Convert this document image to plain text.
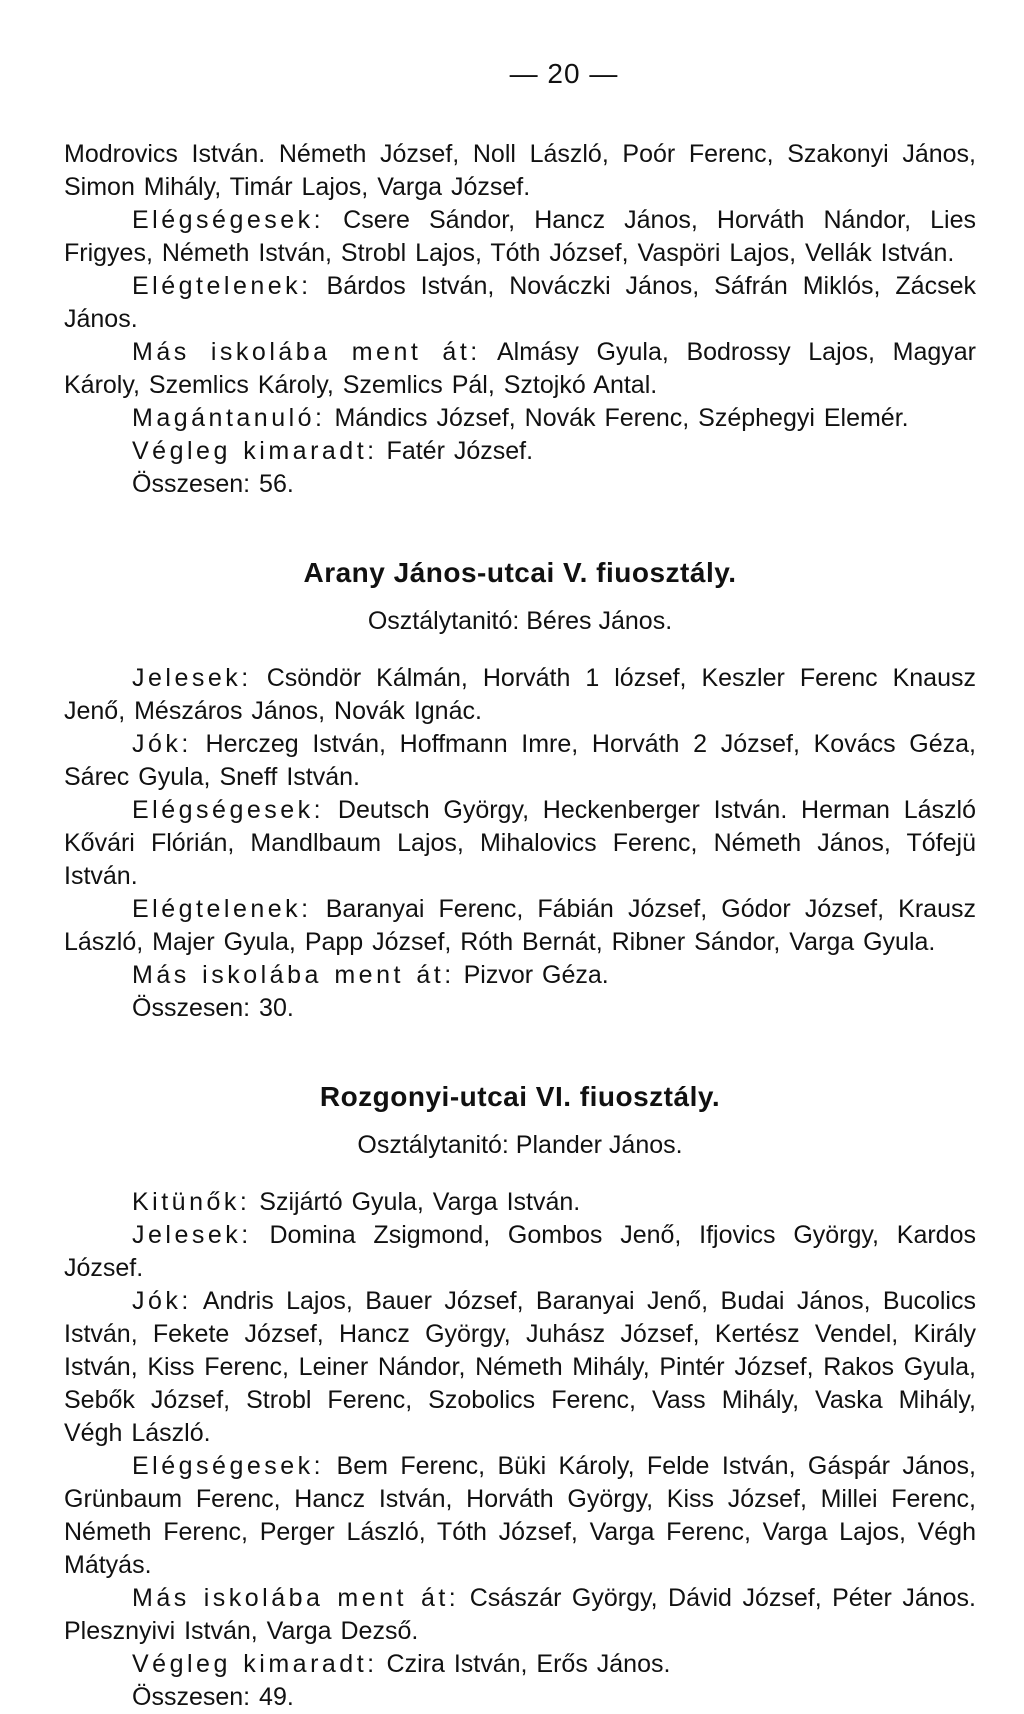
— 20 —

Modrovics István. Németh József, Noll László, Poór Ferenc, Szakonyi János, Simon Mihály, Timár Lajos, Varga József.

Elégségesek: Csere Sándor, Hancz János, Horváth Nándor, Lies Frigyes, Németh István, Strobl Lajos, Tóth József, Vaspöri Lajos, Vellák István.

Elégtelenek: Bárdos István, Nováczki János, Sáfrán Miklós, Zácsek János.

Más iskolába ment át: Almásy Gyula, Bodrossy Lajos, Magyar Károly, Szemlics Károly, Szemlics Pál, Sztojkó Antal.

Magántanuló: Mándics József, Novák Ferenc, Széphegyi Elemér.

Végleg kimaradt: Fatér József.

Összesen: 56.

Arany János-utcai V. fiuosztály.
Osztálytanitó: Béres János.

Jelesek: Csöndör Kálmán, Horváth 1 lózsef, Keszler Ferenc Knausz Jenő, Mészáros János, Novák Ignác.

Jók: Herczeg István, Hoffmann Imre, Horváth 2 József, Kovács Géza, Sárec Gyula, Sneff István.

Elégségesek: Deutsch György, Heckenberger István. Herman László Kővári Flórián, Mandlbaum Lajos, Mihalovics Ferenc, Németh János, Tófejü István.

Elégtelenek: Baranyai Ferenc, Fábián József, Gódor József, Krausz László, Majer Gyula, Papp József, Róth Bernát, Ribner Sándor, Varga Gyula.

Más iskolába ment át: Pizvor Géza.

Összesen: 30.

Rozgonyi-utcai VI. fiuosztály.
Osztálytanitó: Plander János.

Kitünők: Szijártó Gyula, Varga István.

Jelesek: Domina Zsigmond, Gombos Jenő, Ifjovics György, Kardos József.

Jók: Andris Lajos, Bauer József, Baranyai Jenő, Budai János, Bucolics István, Fekete József, Hancz György, Juhász József, Kertész Vendel, Király István, Kiss Ferenc, Leiner Nándor, Németh Mihály, Pintér József, Rakos Gyula, Sebők József, Strobl Ferenc, Szobolics Ferenc, Vass Mihály, Vaska Mihály, Végh László.

Elégségesek: Bem Ferenc, Büki Károly, Felde István, Gáspár János, Grünbaum Ferenc, Hancz István, Horváth György, Kiss József, Millei Ferenc, Németh Ferenc, Perger László, Tóth József, Varga Ferenc, Varga Lajos, Végh Mátyás.

Más iskolába ment át: Császár György, Dávid József, Péter János. Plesznyivi István, Varga Dezső.

Végleg kimaradt: Czira István, Erős János.

Összesen: 49.
